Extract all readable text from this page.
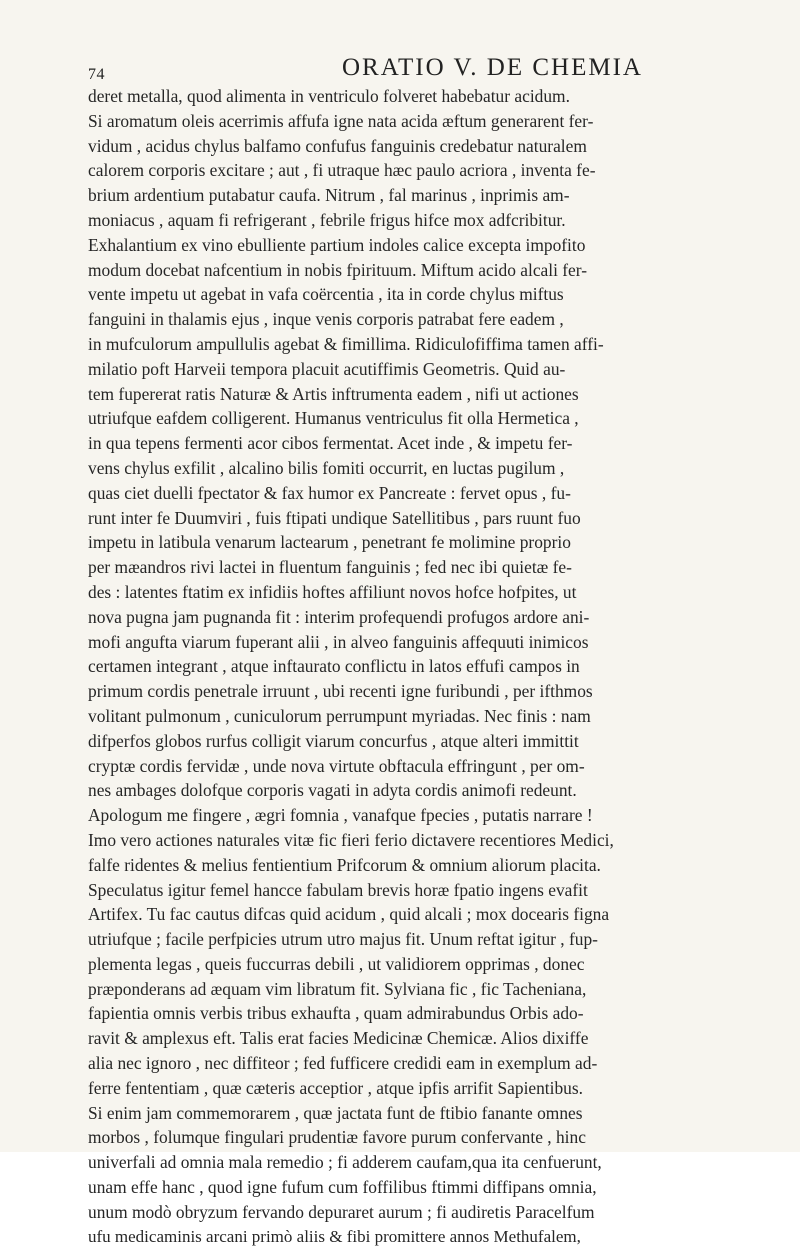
74	ORATIO V. DE CHEMIA
deret metalla, quod alimenta in ventriculo folveret habebatur acidum.
Si aromatum oleis acerrimis affufa igne nata acida æftum generarent fer-
vidum , acidus chylus balfamo confufus fanguinis credebatur naturalem
calorem corporis excitare ; aut , fi utraque hæc paulo acriora , inventa fe-
brium ardentium putabatur caufa. Nitrum , fal marinus , inprimis am-
moniacus , aquam fi refrigerant , febrile frigus hifce mox adfcribitur.
Exhalantium ex vino ebulliente partium indoles calice excepta impofito
modum docebat nafcentium in nobis fpirituum. Miftum acido alcali fer-
vente impetu ut agebat in vafa coërcentia , ita in corde chylus miftus
fanguini in thalamis ejus , inque venis corporis patrabat fere eadem ,
in mufculorum ampullulis agebat & fimillima. Ridiculofiffima tamen affi-
milatio poft Harveii tempora placuit acutiffimis Geometris. Quid au-
tem fupererat ratis Naturæ & Artis inftrumenta eadem , nifi ut actiones
utriufque eafdem colligerent. Humanus ventriculus fit olla Hermetica ,
in qua tepens fermenti acor cibos fermentat. Acet inde , & impetu fer-
vens chylus exfilit , alcalino bilis fomiti occurrit, en luctas pugilum ,
quas ciet duelli fpectator & fax humor ex Pancreate : fervet opus , fu-
runt inter fe Duumviri , fuis ftipati undique Satellitibus , pars ruunt fuo
impetu in latibula venarum lactearum , penetrant fe molimine proprio
per mæandros rivi lactei in fluentum fanguinis ; fed nec ibi quietæ fe-
des : latentes ftatim ex infidiis hoftes affiliunt novos hofce hofpites, ut
nova pugna jam pugnanda fit : interim profequendi profugos ardore ani-
mofi angufta viarum fuperant alii , in alveo fanguinis affequuti inimicos
certamen integrant , atque inftaurato conflictu in latos effufi campos in
primum cordis penetrale irruunt , ubi recenti igne furibundi , per ifthmos
volitant pulmonum , cuniculorum perrumpunt myriadas. Nec finis : nam
difperfos globos rurfus colligit viarum concurfus , atque alteri immittit
cryptæ cordis fervidæ , unde nova virtute obftacula effringunt , per om-
nes ambages dolofque corporis vagati in adyta cordis animofi redeunt.
Apologum me fingere , ægri fomnia , vanafque fpecies , putatis narrare !
Imo vero actiones naturales vitæ fic fieri ferio dictavere recentiores Medici,
falfe ridentes & melius fentientium Prifcorum & omnium aliorum placita.
Speculatus igitur femel hancce fabulam brevis horæ fpatio ingens evafit
Artifex. Tu fac cautus difcas quid acidum , quid alcali ; mox docearis figna
utriufque ; facile perfpicies utrum utro majus fit. Unum reftat igitur , fup-
plementa legas , queis fuccurras debili , ut validiorem opprimas , donec
præponderans ad æquam vim libratum fit. Sylviana fic , fic Tacheniana,
fapientia omnis verbis tribus exhaufta , quam admirabundus Orbis ado-
ravit & amplexus eft. Talis erat facies Medicinæ Chemicæ. Alios dixiffe
alia nec ignoro , nec diffiteor ; fed fufficere credidi eam in exemplum ad-
ferre fententiam , quæ cæteris acceptior , atque ipfis arrifit Sapientibus.
Si enim jam commemorarem , quæ jactata funt de ftibio fanante omnes
morbos , folumque fingulari prudentiæ favore purum confervante , hinc
univerfali ad omnia mala remedio ; fi adderem caufam,qua ita cenfuerunt,
unam effe hanc , quod igne fufum cum foffilibus ftimmi diffipans omnia,
unum modò obryzum fervando depuraret aurum ; fi audiretis Paracelfum
ufu medicaminis arcani primò aliis & fibi promittere annos Methufalem,
